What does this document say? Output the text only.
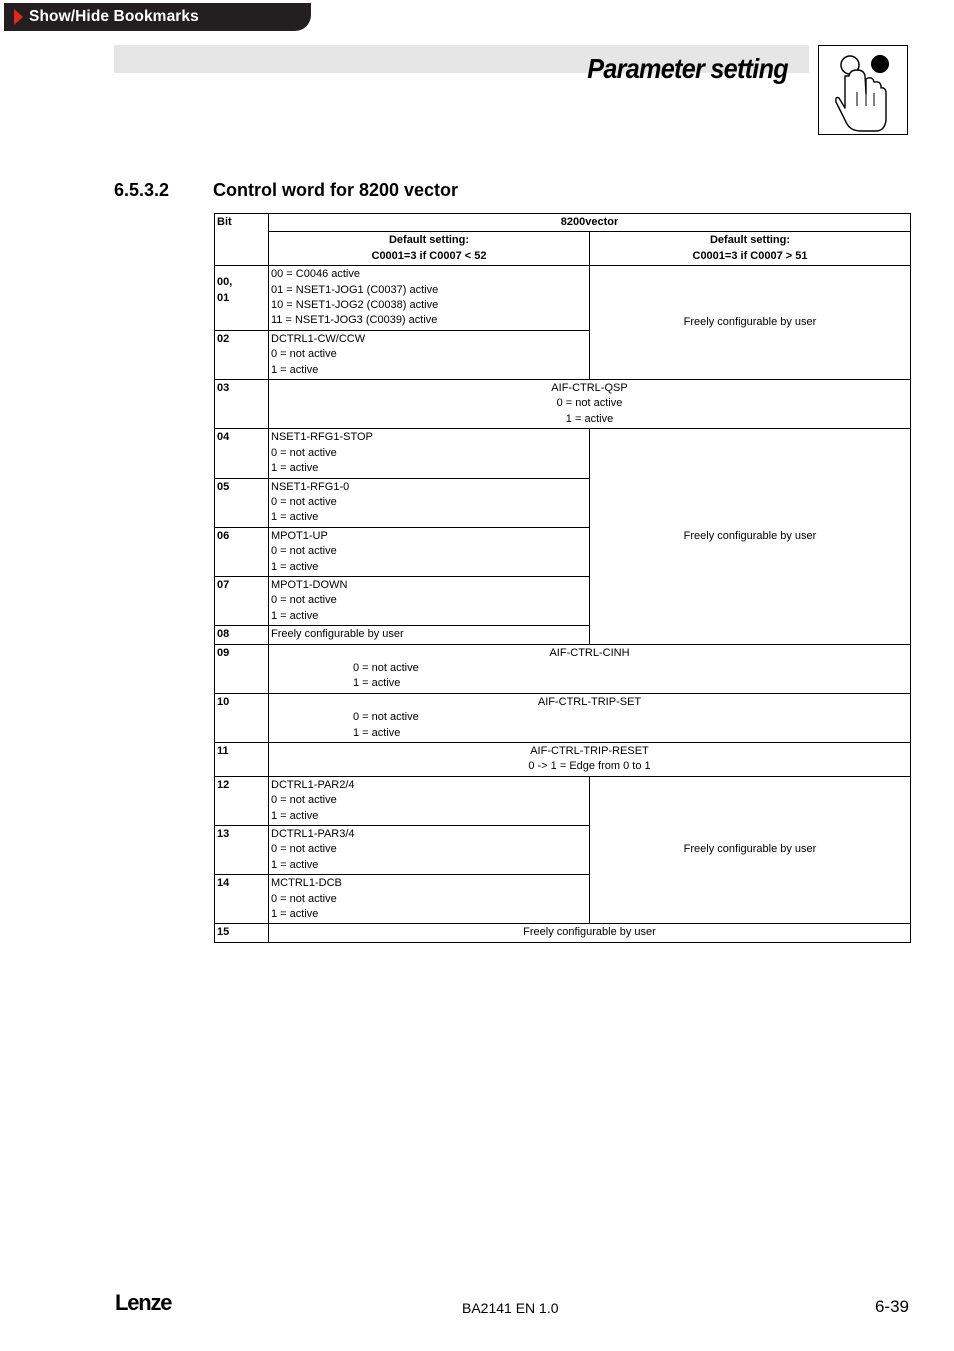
Show/Hide Bookmarks
Parameter setting
6.5.3.2 Control word for 8200 vector
Bit	8200vector	

	Default setting:
C0001=3 if C0007 < 52	Default setting:
C0001=3 if C0007 > 51

00,
01	00 = C0046 active
01 = NSET1-JOG1 (C0037) active
10 = NSET1-JOG2 (C0038) active
11 = NSET1-JOG3 (C0039) active	Freely configurable by user
02	DCTRL1-CW/CCW
0 = not active
1 = active	

03	AIF-CTRL-QSP
0 = not active
1 = active	

04	NSET1-RFG1-STOP
0 = not active
1 = active	Freely configurable by user
05	NSET1-RFG1-0
0 = not active
1 = active	

06	MPOT1-UP
0 = not active
1 = active	

07	MPOT1-DOWN
0 = not active
1 = active	

08	Freely configurable by user	

09	AIF-CTRL-CINH
0 = not active
1 = active	

10	AIF-CTRL-TRIP-SET
0 = not active
1 = active	

11	AIF-CTRL-TRIP-RESET
0 -> 1 = Edge from 0 to 1	

12	DCTRL1-PAR2/4
0 = not active
1 = active	Freely configurable by user
13	DCTRL1-PAR3/4
0 = not active
1 = active	

14	MCTRL1-DCB
0 = not active
1 = active	

15	Freely configurable by user	
Lenze	BA2141 EN 1.0	6-39
